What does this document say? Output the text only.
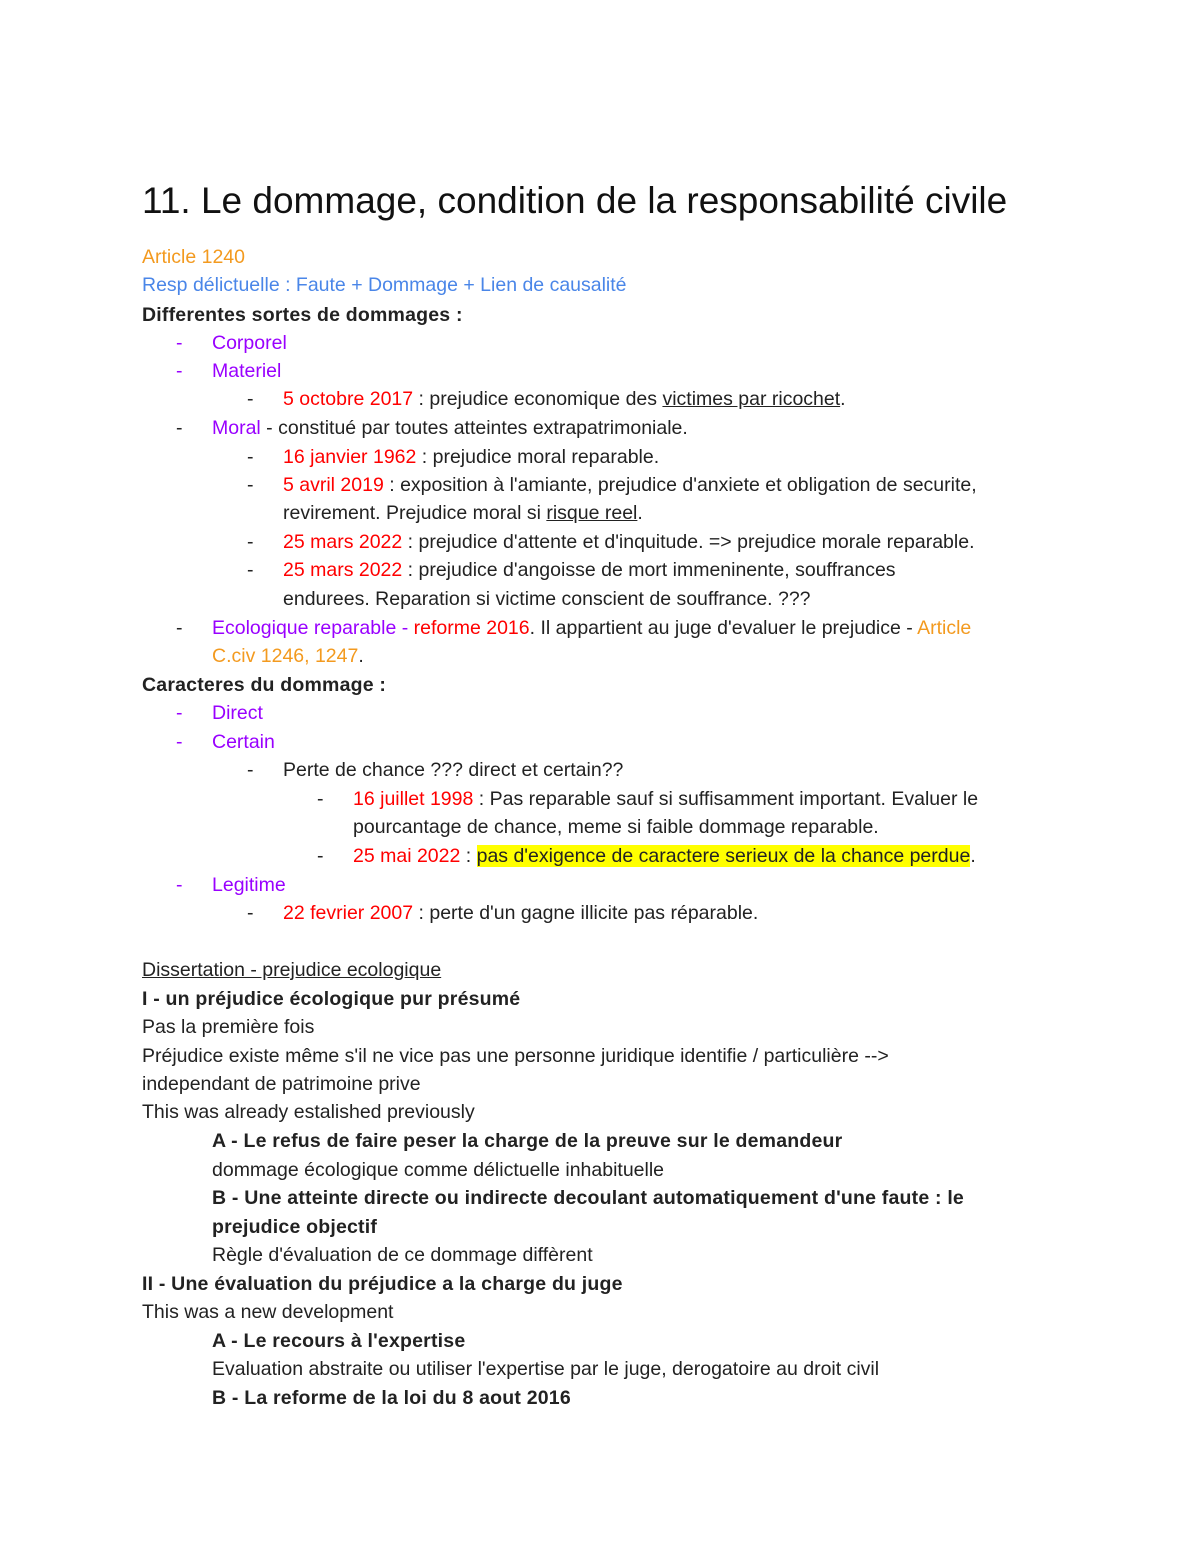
11. Le dommage, condition de la responsabilité civile
Article 1240
Resp délictuelle : Faute + Dommage + Lien de causalité
Differentes sortes de dommages :
- Corporel
- Materiel
- 5 octobre 2017 : prejudice economique des victimes par ricochet.
- Moral - constitué par toutes atteintes extrapatrimoniale.
- 16 janvier 1962 : prejudice moral reparable.
- 5 avril 2019 : exposition à l'amiante, prejudice d'anxiete et obligation de securite,
revirement. Prejudice moral si risque reel.
- 25 mars 2022 : prejudice d'attente et d'inquitude. => prejudice morale reparable.
- 25 mars 2022 : prejudice d'angoisse de mort immeninente, souffrances
endurees. Reparation si victime conscient de souffrance. ???
- Ecologique reparable - reforme 2016. Il appartient au juge d'evaluer le prejudice - Article
C.civ 1246, 1247.
Caracteres du dommage :
- Direct
- Certain
- Perte de chance ??? direct et certain??
- 16 juillet 1998 : Pas reparable sauf si suffisamment important. Evaluer le
pourcantage de chance, meme si faible dommage reparable.
- 25 mai 2022 : pas d'exigence de caractere serieux de la chance perdue.
- Legitime
- 22 fevrier 2007 : perte d'un gagne illicite pas réparable.
Dissertation - prejudice ecologique
I - un préjudice écologique pur présumé
Pas la première fois
Préjudice existe même s'il ne vice pas une personne juridique identifie / particulière -->
independant de patrimoine prive
This was already estalished previously
A - Le refus de faire peser la charge de la preuve sur le demandeur
dommage écologique comme délictuelle inhabituelle
B - Une atteinte directe ou indirecte decoulant automatiquement d'une faute : le
prejudice objectif
Règle d'évaluation de ce dommage diffèrent
II - Une évaluation du préjudice a la charge du juge
This was a new development
A - Le recours à l'expertise
Evaluation abstraite ou utiliser l'expertise par le juge, derogatoire au droit civil
B - La reforme de la loi du 8 aout 2016
